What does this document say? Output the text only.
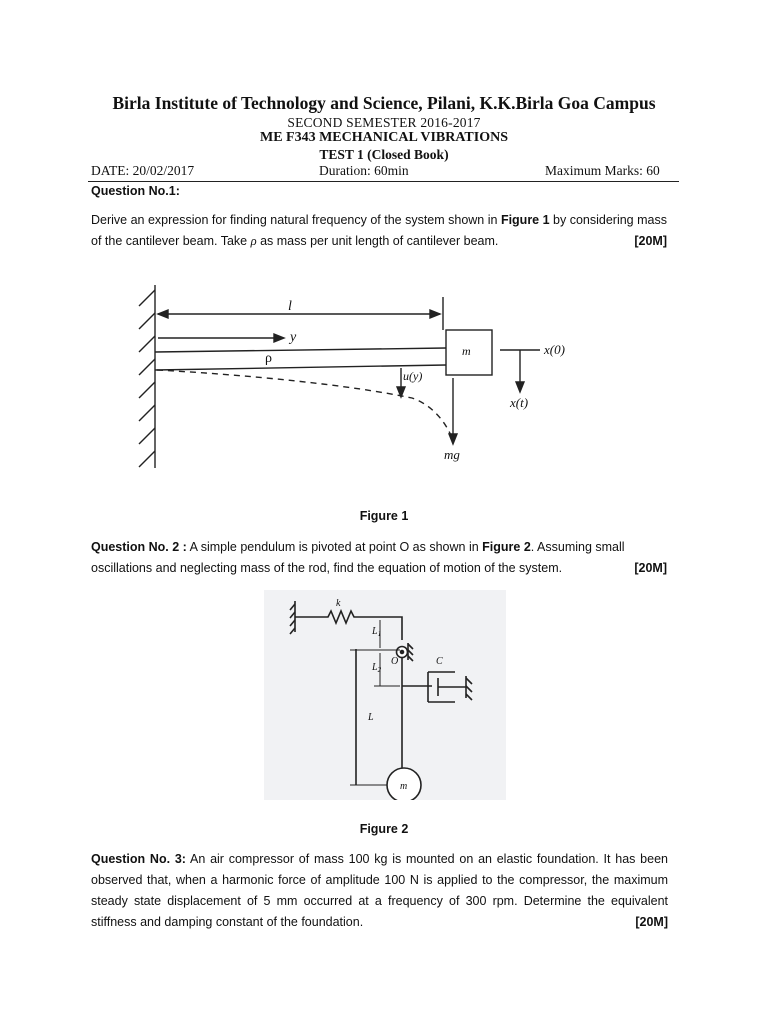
Birla Institute of Technology and Science, Pilani, K.K.Birla Goa Campus
SECOND SEMESTER 2016-2017
ME F343 MECHANICAL VIBRATIONS
TEST 1 (Closed Book)
DATE: 20/02/2017	Duration: 60min	Maximum Marks: 60
Question No.1:
Derive an expression for finding natural frequency of the system shown in Figure 1 by considering mass of the cantilever beam. Take ρ as mass per unit length of cantilever beam.	[20M]
l
y
ρ	m	x(0)
u(y)
x(t)
mg
Figure 1
Question No. 2 : A simple pendulum is pivoted at point O as shown in Figure 2. Assuming small oscillations and neglecting mass of the rod, find the equation of motion of the system.	[20M]
k
$L_1$
O
$L_2$
C
L
m
Figure 2
Question No. 3: An air compressor of mass 100 kg is mounted on an elastic foundation. It has been observed that, when a harmonic force of amplitude 100 N is applied to the compressor, the maximum steady state displacement of 5 mm occurred at a frequency of 300 rpm. Determine the equivalent stiffness and damping constant of the foundation.	[20M]
